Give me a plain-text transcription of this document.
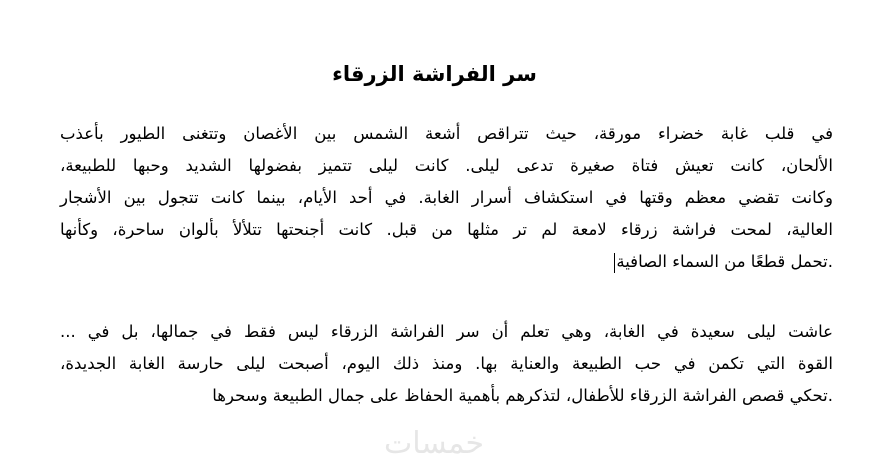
سر الفراشة الزرقاء
في قلب غابة خضراء مورقة، حيث تتراقص أشعة الشمس بين الأغصان وتتغنى الطيور بأعذب
الألحان، كانت تعيش فتاة صغيرة تدعى ليلى. كانت ليلى تتميز بفضولها الشديد وحبها للطبيعة،
وكانت تقضي معظم وقتها في استكشاف أسرار الغابة. في أحد الأيام، بينما كانت تتجول بين الأشجار
العالية، لمحت فراشة زرقاء لامعة لم تر مثلها من قبل. كانت أجنحتها تتلألأ بألوان ساحرة، وكأنها
.تحمل قطعًا من السماء الصافية
عاشت ليلى سعيدة في الغابة، وهي تعلم أن سر الفراشة الزرقاء ليس فقط في جمالها، بل في ...
القوة التي تكمن في حب الطبيعة والعناية بها. ومنذ ذلك اليوم، أصبحت ليلى حارسة الغابة الجديدة،
.تحكي قصص الفراشة الزرقاء للأطفال، لتذكرهم بأهمية الحفاظ على جمال الطبيعة وسحرها
خمسات
